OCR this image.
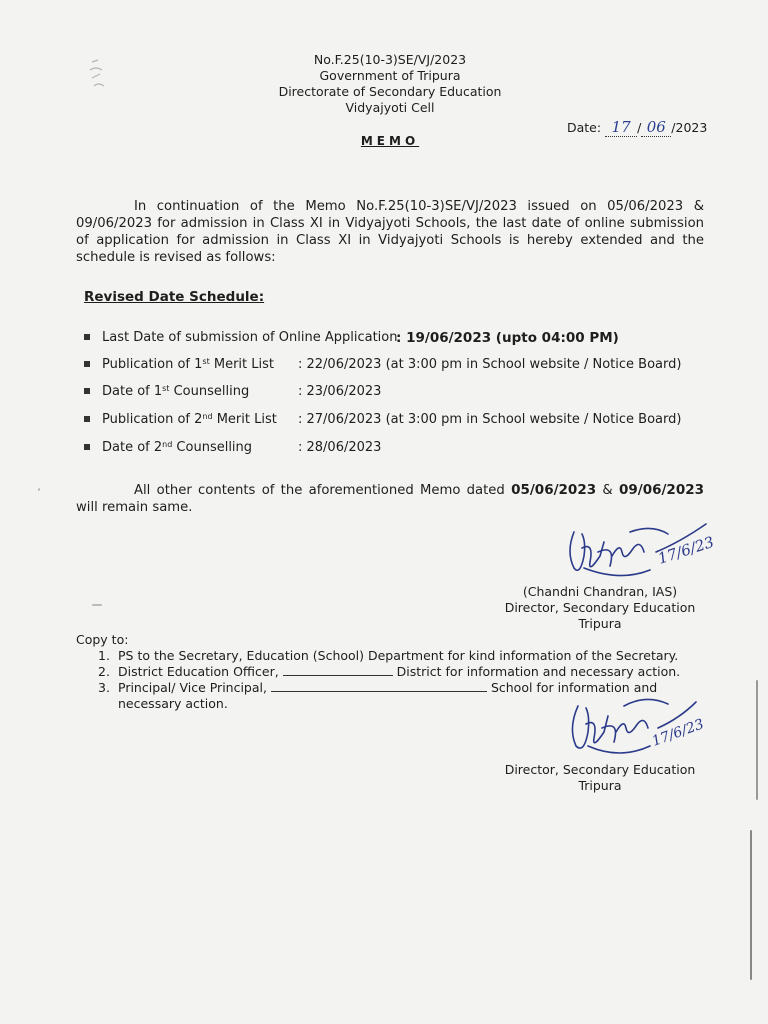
No.F.25(10-3)SE/VJ/2023
Government of Tripura
Directorate of Secondary Education
Vidyajyoti Cell
Date: 17 / 06 /2023
MEMO
In continuation of the Memo No.F.25(10-3)SE/VJ/2023 issued on 05/06/2023 & 09/06/2023 for admission in Class XI in Vidyajyoti Schools, the last date of online submission of application for admission in Class XI in Vidyajyoti Schools is hereby extended and the schedule is revised as follows:
Revised Date Schedule:
Last Date of submission of Online Application
: 19/06/2023 (upto 04:00 PM)
Publication of 1st Merit List : 22/06/2023 (at 3:00 pm in School website / Notice Board)
Date of 1st Counselling	: 23/06/2023
Publication of 2nd Merit List : 27/06/2023 (at 3:00 pm in School website / Notice Board)
Date of 2nd Counselling	: 28/06/2023
All other contents of the aforementioned Memo dated 05/06/2023 & 09/06/2023 will remain same.
17/6/23
(Chandni Chandran, IAS)
Director, Secondary Education
Tripura
Copy to:
1. PS to the Secretary, Education (School) Department for kind information of the Secretary.
2. District Education Officer,	District for information and necessary action.
3. Principal/ Vice Principal,	School for information and
necessary action.
17/6/23
Director, Secondary Education
Tripura
